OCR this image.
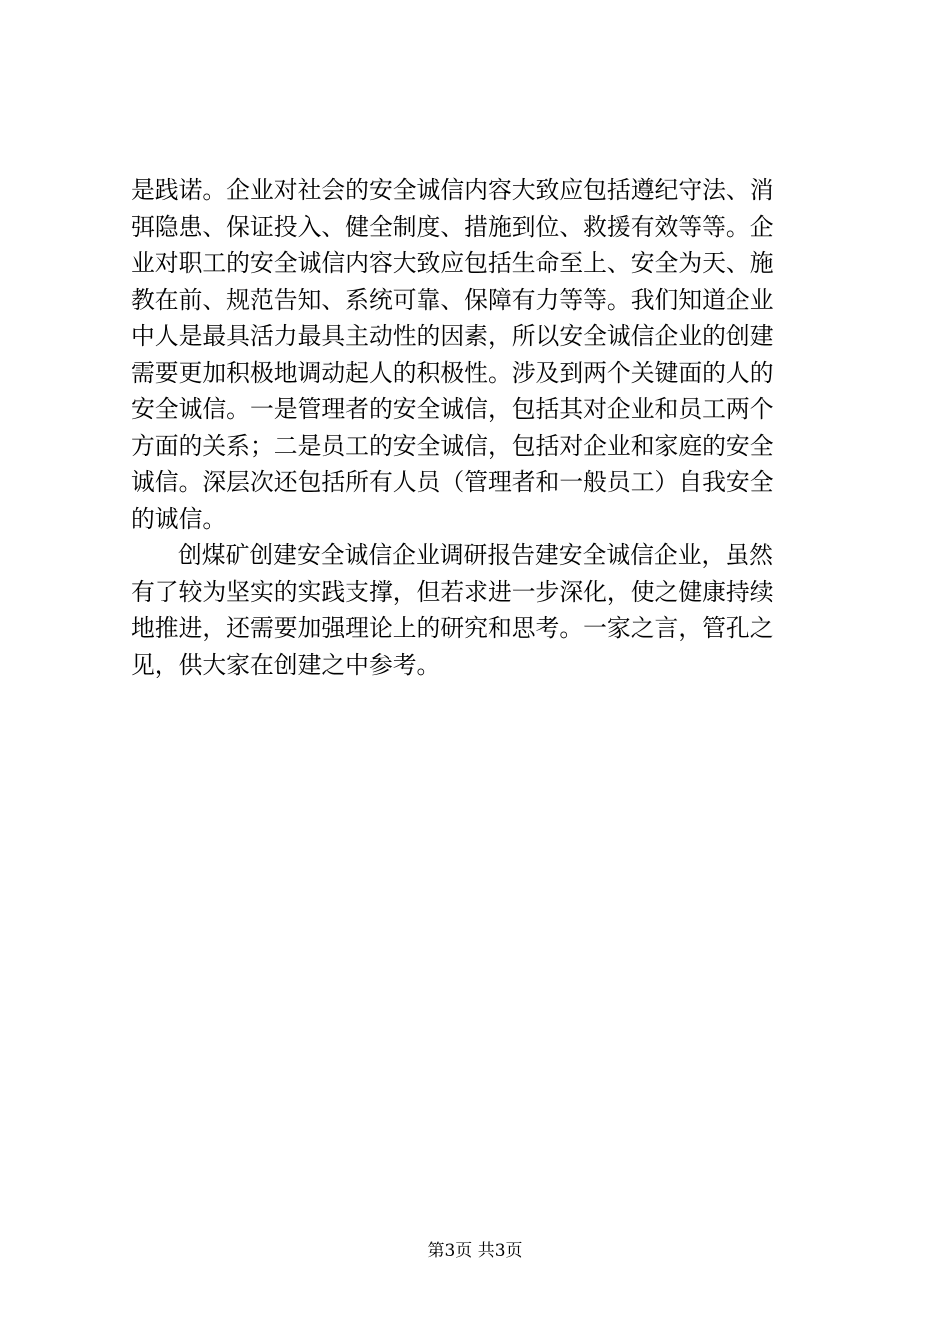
是践诺。企业对社会的安全诚信内容大致应包括遵纪守法、消
弭隐患、保证投入、健全制度、措施到位、救援有效等等。企
业对职工的安全诚信内容大致应包括生命至上、安全为天、施
教在前、规范告知、系统可靠、保障有力等等。我们知道企业
中人是最具活力最具主动性的因素，所以安全诚信企业的创建
需要更加积极地调动起人的积极性。涉及到两个关键面的人的
安全诚信。一是管理者的安全诚信，包括其对企业和员工两个
方面的关系；二是员工的安全诚信，包括对企业和家庭的安全
诚信。深层次还包括所有人员（管理者和一般员工）自我安全
的诚信。
创煤矿创建安全诚信企业调研报告建安全诚信企业，虽然
有了较为坚实的实践支撑，但若求进一步深化，使之健康持续
地推进，还需要加强理论上的研究和思考。一家之言，管孔之
见，供大家在创建之中参考。
第3页 共3页
